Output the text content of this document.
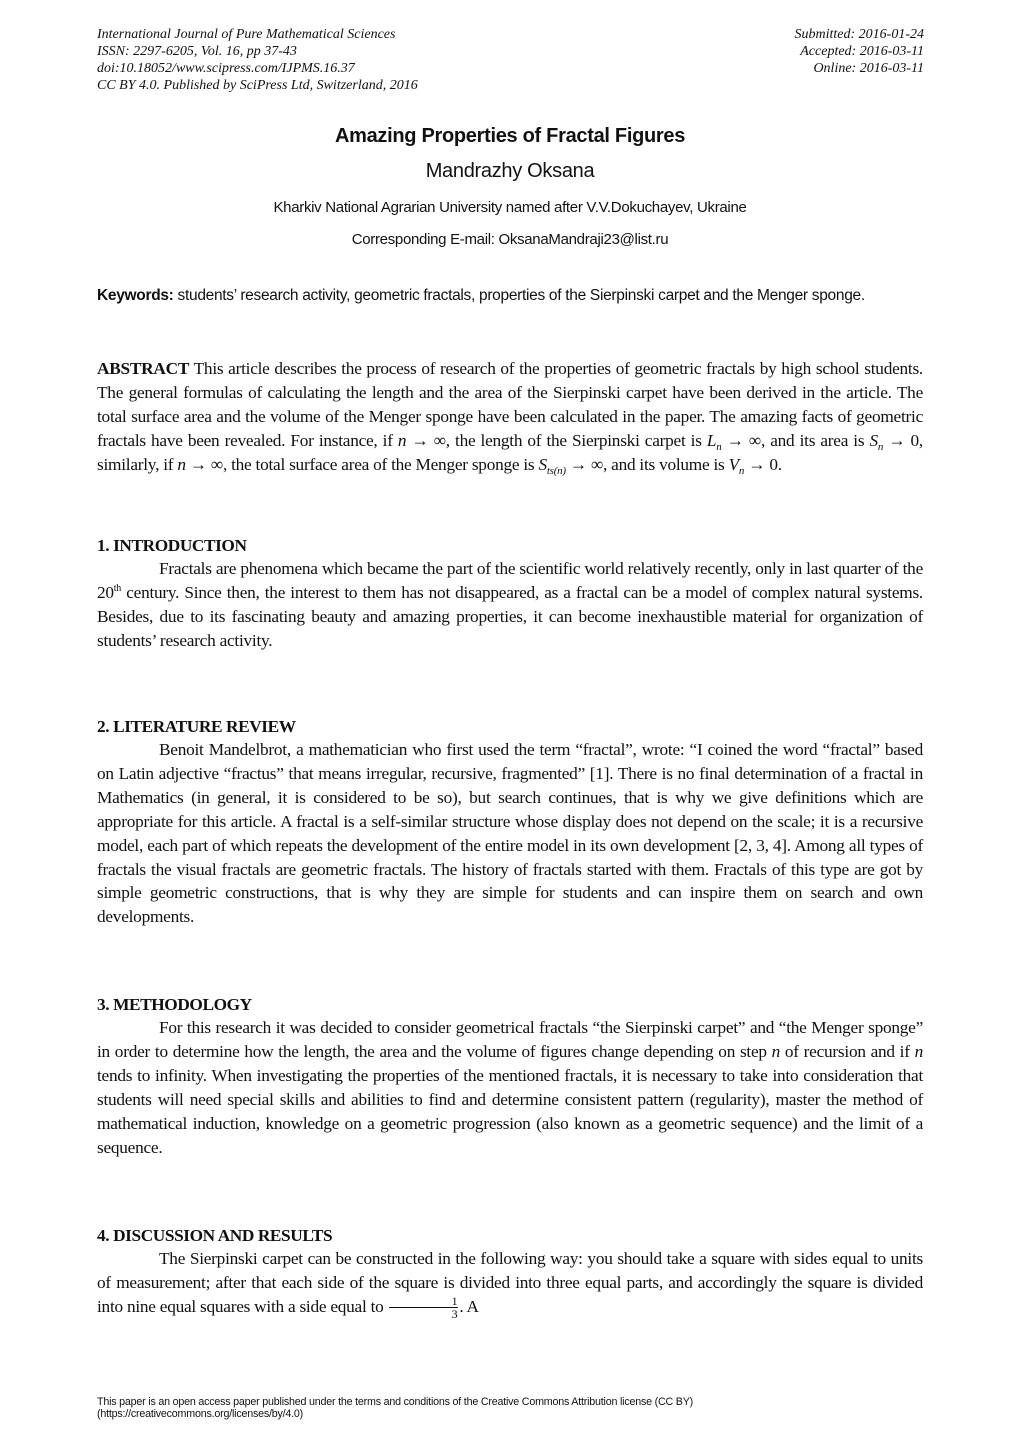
International Journal of Pure Mathematical Sciences
ISSN: 2297-6205, Vol. 16, pp 37-43
doi:10.18052/www.scipress.com/IJPMS.16.37
CC BY 4.0. Published by SciPress Ltd, Switzerland, 2016
Submitted: 2016-01-24
Accepted: 2016-03-11
Online: 2016-03-11
Amazing Properties of Fractal Figures
Mandrazhy Oksana
Kharkiv National Agrarian University named after V.V.Dokuchayev, Ukraine
Corresponding E-mail: OksanaMandraji23@list.ru
Keywords: students’ research activity, geometric fractals, properties of the Sierpinski carpet and the Menger sponge.
ABSTRACT This article describes the process of research of the properties of geometric fractals by high school students. The general formulas of calculating the length and the area of the Sierpinski carpet have been derived in the article. The total surface area and the volume of the Menger sponge have been calculated in the paper. The amazing facts of geometric fractals have been revealed. For instance, if n → ∞, the length of the Sierpinski carpet is $L_n$ → ∞, and its area is $S_n \to 0$, similarly, if n → ∞, the total surface area of the Menger sponge is $S_{ts(п)}$ → ∞, and its volume is $V_n \to 0$.
1. INTRODUCTION

Fractals are phenomena which became the part of the scientific world relatively recently, only in last quarter of the 20th century. Since then, the interest to them has not disappeared, as a fractal can be a model of complex natural systems. Besides, due to its fascinating beauty and amazing properties, it can become inexhaustible material for organization of students’ research activity.

2. LITERATURE REVIEW

Benoit Mandelbrot, a mathematician who first used the term “fractal”, wrote: “I coined the word “fractal” based on Latin adjective “fractus” that means irregular, recursive, fragmented” [1]. There is no final determination of a fractal in Mathematics (in general, it is considered to be so), but search continues, that is why we give definitions which are appropriate for this article. A fractal is a self-similar structure whose display does not depend on the scale; it is a recursive model, each part of which repeats the development of the entire model in its own development [2, 3, 4]. Among all types of fractals the visual fractals are geometric fractals. The history of fractals started with them. Fractals of this type are got by simple geometric constructions, that is why they are simple for students and can inspire them on search and own developments.

3. METHODOLOGY

For this research it was decided to consider geometrical fractals “the Sierpinski carpet” and “the Menger sponge” in order to determine how the length, the area and the volume of figures change depending on step n of recursion and if n tends to infinity. When investigating the properties of the mentioned fractals, it is necessary to take into consideration that students will need special skills and abilities to find and determine consistent pattern (regularity), master the method of mathematical induction, knowledge on a geometric progression (also known as a geometric sequence) and the limit of a sequence.

4. DISCUSSION AND RESULTS

The Sierpinski carpet can be constructed in the following way: you should take a square with sides equal to units of measurement; after that each side of the square is divided into three equal parts, and accordingly the square is divided into nine equal squares with a side equal to $\frac{1}{3}$ . A

This paper is an open access paper published under the terms and conditions of the Creative Commons Attribution license (CC BY)
(https://creativecommons.org/licenses/by/4.0)
